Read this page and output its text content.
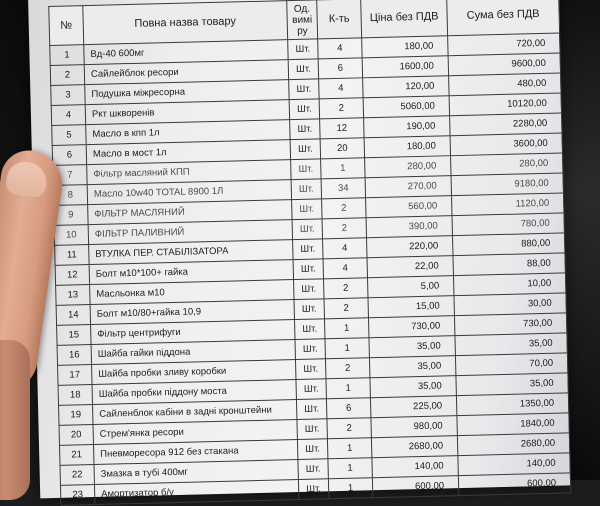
№	Повна назва товару	Од. вимі ру	К-ть	Ціна без ПДВ	Сума без ПДВ
1	Вд-40 600мг	Шт.	4	180,00	720,00
2	Сайлейблок ресори	Шт.	6	1600,00	9600,00
3	Подушка міжресорна	Шт.	4	120,00	480,00
4	Ркт шкворенів	Шт.	2	5060,00	10120,00
5	Масло в кпп 1л	Шт.	12	190,00	2280,00
6	Масло в мост 1л	Шт.	20	180,00	3600,00
7	Фільтр масляний КПП	Шт.	1	280,00	280,00
8	Масло 10w40 TOTAL 8900 1Л	Шт.	34	270,00	9180,00
9	ФІЛЬТР МАСЛЯНИЙ	Шт.	2	560,00	1120,00
10	ФІЛЬТР ПАЛИВНИЙ	Шт.	2	390,00	780,00
11	ВТУЛКА ПЕР. СТАБІЛІЗАТОРА	Шт.	4	220,00	880,00
12	Болт м10*100+ гайка	Шт.	4	22,00	88,00
13	Масльонка м10	Шт.	2	5,00	10,00
14	Болт м10/80+гайка 10,9	Шт.	2	15,00	30,00
15	Фільтр центрифуги	Шт.	1	730,00	730,00
16	Шайба гайки піддона	Шт.	1	35,00	35,00
17	Шайба пробки зливу коробки	Шт.	2	35,00	70,00
18	Шайба пробки піддону моста	Шт.	1	35,00	35,00
19	Сайленблок кабіни в задні кронштейни	Шт.	6	225,00	1350,00
20	Стрем'янка ресори	Шт.	2	980,00	1840,00
21	Пневморесора 912 без стакана	Шт.	1	2680,00	2680,00
22	Змазка в тубі 400мг	Шт.	1	140,00	140,00
23	Амортизатор б/у	Шт.	1	600,00	600,00
